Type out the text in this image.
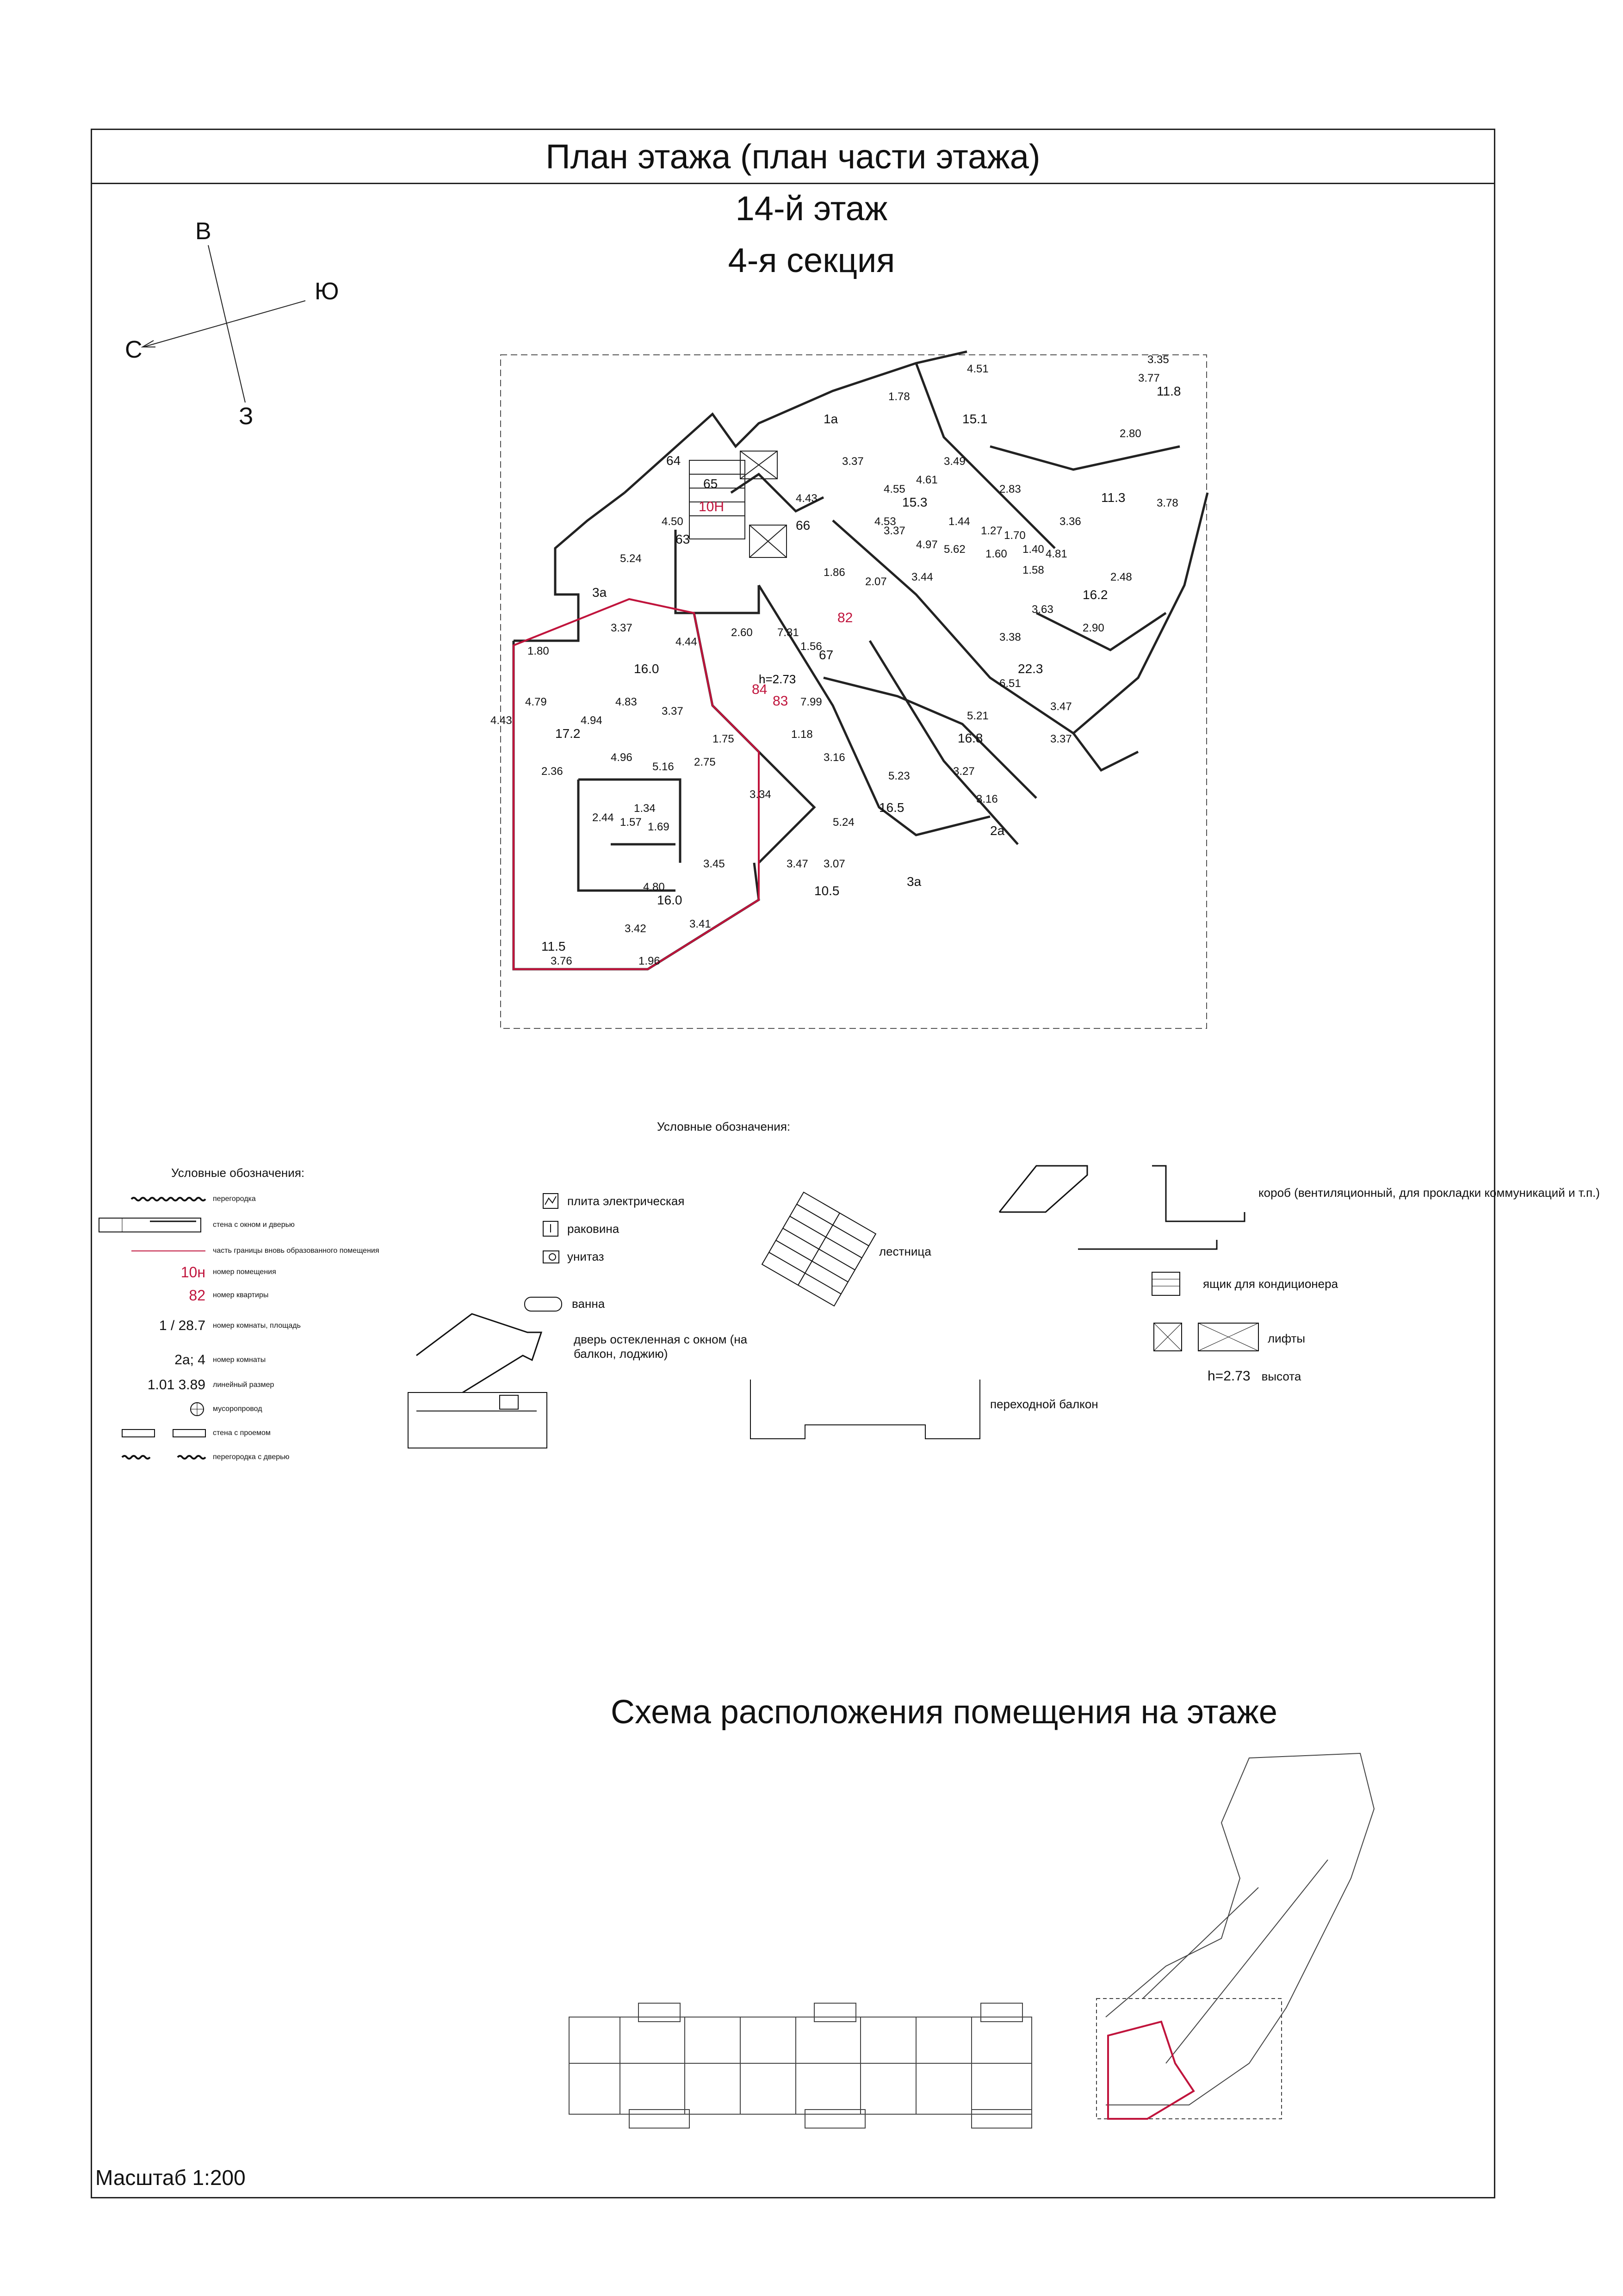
План этажа (план части этажа)
14-й этаж
4-я секция
В
Ю
С
З
64
65
66
67
63
1а
2а
3а
3а
10Н
82
83
84
h=2.73
16.0
17.2
11.5
16.0
15.3
15.1
11.3
16.2
22.3
16.8
16.5
10.5
11.8
3.37
4.44
4.83
3.37
4.79
4.94
2.36
2.44
4.96
5.16 2.75
1.75
3.42
4.80
3.45
3.41
3.76	1.96
4.43
1.80
2.60 7.31
1.56
7.99
1.18
3.16
3.47 3.07
5.24
5.23	3.27
3.16
5.21
6.51
3.38
3.47
3.37
4.51
4.61
4.55
4.53
3.37	3.49
2.83
1.44
5.62
4.97
3.37
3.44
2.07
1.86
4.43
4.50
5.24
3.36
4.81
3.63
2.90
2.48
3.78
2.80
3.77
3.35
1.78
1.27
1.60 1.40
1.58
1.70
1.57 1.69
1.34
3.34
Условные обозначения:
перегородка
стена с окном и дверью
часть границы вновь образованного помещения
10н	номер помещения
82	номер квартиры
1 / 28.7	номер комнаты, площадь
2а; 4	номер комнаты
1.01 3.89	линейный размер
мусоропровод
стена с проемом
перегородка с дверью
плита электрическая
раковина
унитаз
ванна
дверь остекленная с окном (на балкон, лоджию)
Условные обозначения:
лестница
переходной балкон
короб (вентиляционный, для прокладки коммуникаций и т.п.)
ящик для кондиционера
лифты
h=2.73 высота
Схема расположения помещения на этаже
Масштаб 1:200
